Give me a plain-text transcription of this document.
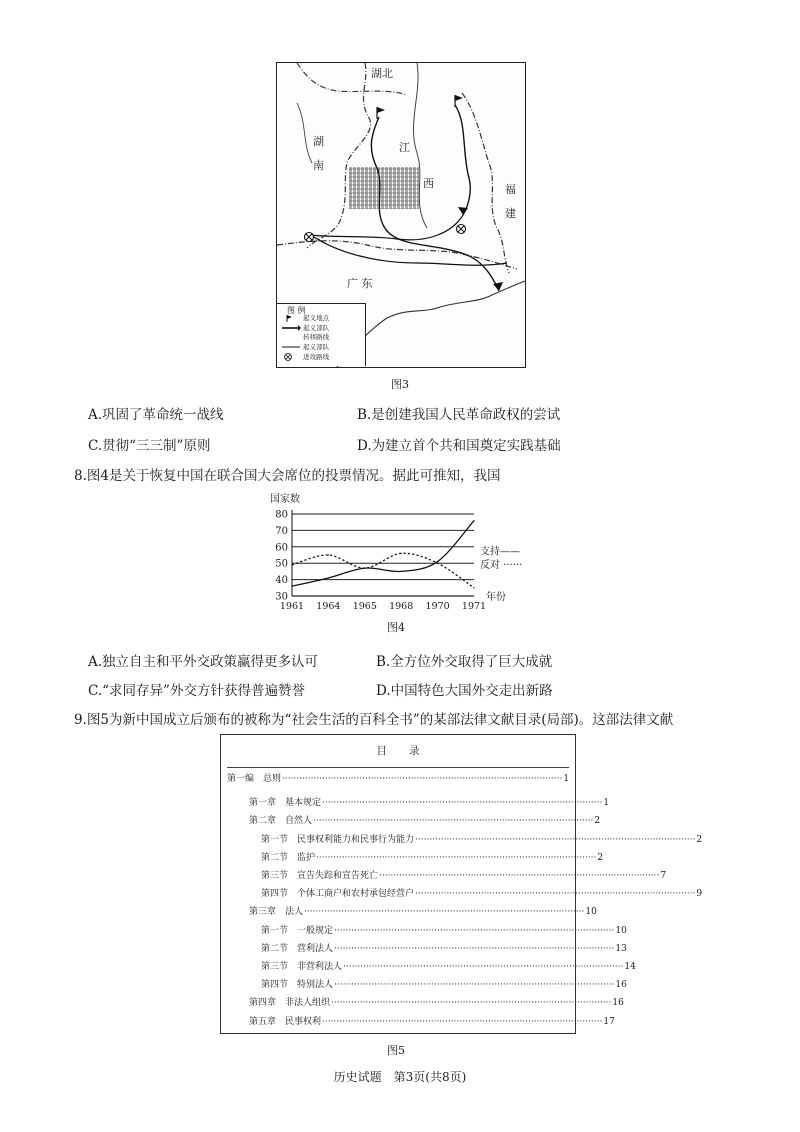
湖北
湖
南
江
西	福
建
广 东
图 例
起义地点
起义部队
转移路线
起义部队
进攻路线
图3
A.巩固了革命统一战线	B.是创建我国人民革命政权的尝试
C.贯彻“三三制”原则	D.为建立首个共和国奠定实践基础
8.图4是关于恢复中国在联合国大会席位的投票情况。据此可推知，我国
30
40
50
60
70
80
国家数
1961 1964 1965 1968 1970 1971
年份
支持——
反对 ······
图4
A.独立自主和平外交政策赢得更多认可	B.全方位外交取得了巨大成就
C.“求同存异”外交方针获得普遍赞誉	D.中国特色大国外交走出新路
9.图5为新中国成立后颁布的被称为“社会生活的百科全书”的某部法律文献目录(局部)。这部法律文献
目录
第一编　总则 ·································································································· 1
第一章　基本规定 ·································································································· 1
第二章　自然人 ·································································································· 2
第一节　民事权利能力和民事行为能力 ·································································································· 2
第二节　监护 ·································································································· 2
第三节　宣告失踪和宣告死亡 ·································································································· 7
第四节　个体工商户和农村承包经营户 ·································································································· 9
第三章　法人 ·································································································· 10
第一节　一般规定 ·································································································· 10
第二节　营利法人 ·································································································· 13
第三节　非营利法人 ·································································································· 14
第四节　特别法人 ·································································································· 16
第四章　非法人组织 ·································································································· 16
第五章　民事权利 ·································································································· 17
图5
历史试题　第3页(共8页)
